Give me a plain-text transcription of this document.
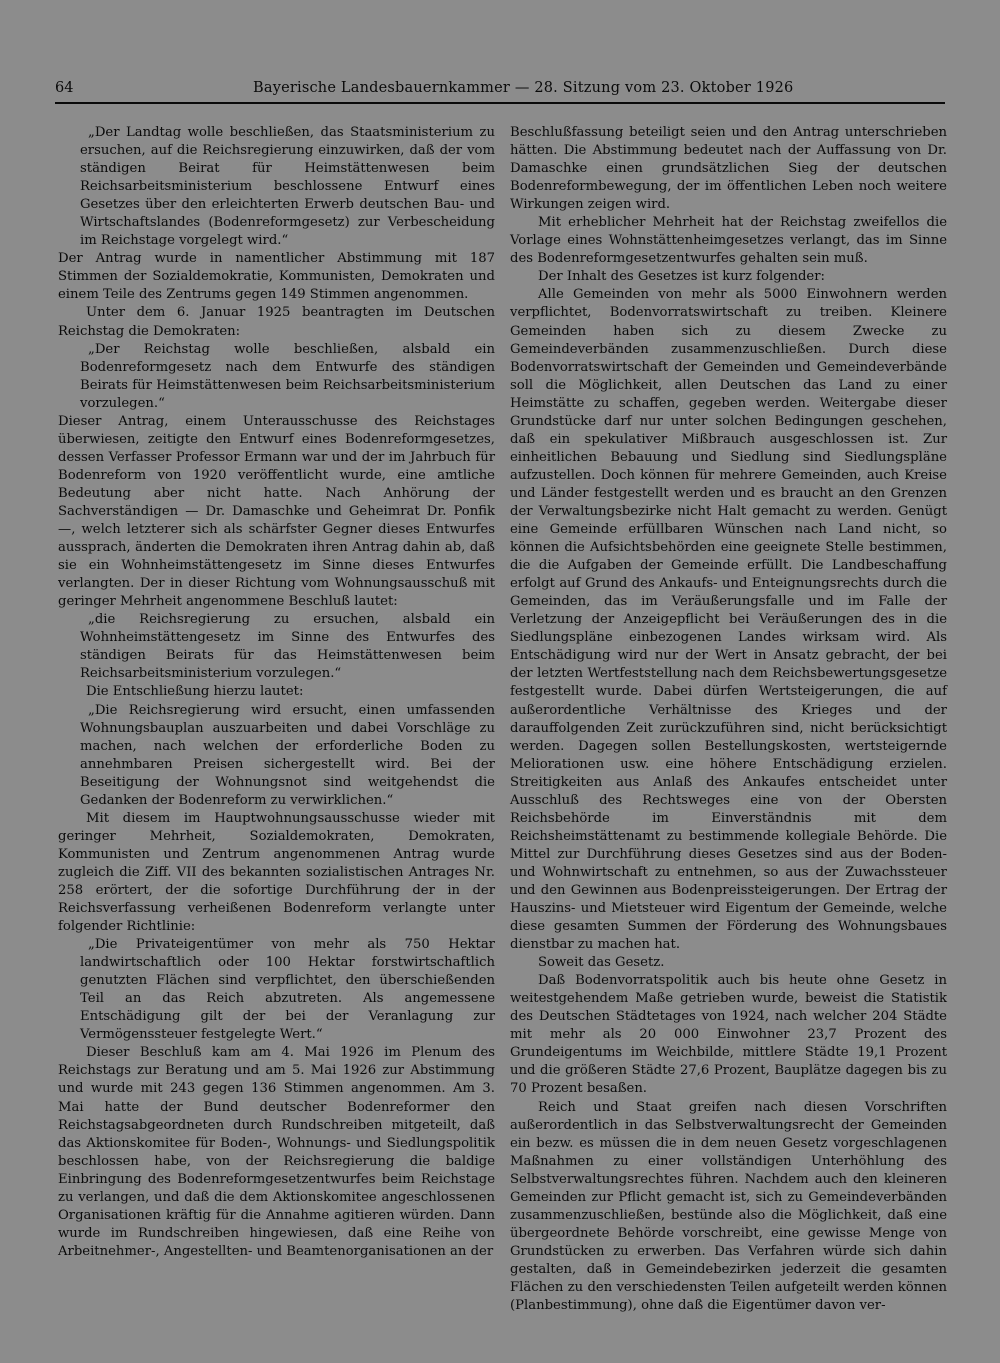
64	Bayerische Landesbauernkammer — 28. Sitzung vom 23. Oktober 1926

„Der Landtag wolle beschließen, das Staatsministerium zu ersuchen, auf die Reichsregierung einzuwirken, daß der vom ständigen Beirat für Heimstättenwesen beim Reichsarbeitsministerium beschlossene Entwurf eines Gesetzes über den erleichterten Erwerb deutschen Bau- und Wirtschaftslandes (Bodenreformgesetz) zur Verbescheidung im Reichstage vorgelegt wird.“

Der Antrag wurde in namentlicher Abstimmung mit 187 Stimmen der Sozialdemokratie, Kommunisten, Demokraten und einem Teile des Zentrums gegen 149 Stimmen angenommen.

Unter dem 6. Januar 1925 beantragten im Deutschen Reichstag die Demokraten:

„Der Reichstag wolle beschließen, alsbald ein Bodenreformgesetz nach dem Entwurfe des ständigen Beirats für Heimstättenwesen beim Reichsarbeitsministerium vorzulegen.“

Dieser Antrag, einem Unterausschusse des Reichstages überwiesen, zeitigte den Entwurf eines Bodenreformgesetzes, dessen Verfasser Professor Ermann war und der im Jahrbuch für Bodenreform von 1920 veröffentlicht wurde, eine amtliche Bedeutung aber nicht hatte. Nach Anhörung der Sachverständigen — Dr. Damaschke und Geheimrat Dr. Ponfik —, welch letzterer sich als schärfster Gegner dieses Entwurfes aussprach, änderten die Demokraten ihren Antrag dahin ab, daß sie ein Wohnheimstättengesetz im Sinne dieses Entwurfes verlangten. Der in dieser Richtung vom Wohnungsausschuß mit geringer Mehrheit angenommene Beschluß lautet:

„die Reichsregierung zu ersuchen, alsbald ein Wohnheimstättengesetz im Sinne des Entwurfes des ständigen Beirats für das Heimstättenwesen beim Reichsarbeitsministerium vorzulegen.“

Die Entschließung hierzu lautet:

„Die Reichsregierung wird ersucht, einen umfassenden Wohnungsbauplan auszuarbeiten und dabei Vorschläge zu machen, nach welchen der erforderliche Boden zu annehmbaren Preisen sichergestellt wird. Bei der Beseitigung der Wohnungsnot sind weitgehendst die Gedanken der Bodenreform zu verwirklichen.“

Mit diesem im Hauptwohnungsausschusse wieder mit geringer Mehrheit, Sozialdemokraten, Demokraten, Kommunisten und Zentrum angenommenen Antrag wurde zugleich die Ziff. VII des bekannten sozialistischen Antrages Nr. 258 erörtert, der die sofortige Durchführung der in der Reichsverfassung verheißenen Bodenreform verlangte unter folgender Richtlinie:

„Die Privateigentümer von mehr als 750 Hektar landwirtschaftlich oder 100 Hektar forstwirtschaftlich genutzten Flächen sind verpflichtet, den überschießenden Teil an das Reich abzutreten. Als angemessene Entschädigung gilt der bei der Veranlagung zur Vermögenssteuer festgelegte Wert.“

Dieser Beschluß kam am 4. Mai 1926 im Plenum des Reichstags zur Beratung und am 5. Mai 1926 zur Abstimmung und wurde mit 243 gegen 136 Stimmen angenommen. Am 3. Mai hatte der Bund deutscher Bodenreformer den Reichstagsabgeordneten durch Rundschreiben mitgeteilt, daß das Aktionskomitee für Boden-, Wohnungs- und Siedlungspolitik beschlossen habe, von der Reichsregierung die baldige Einbringung des Bodenreformgesetzentwurfes beim Reichstage zu verlangen, und daß die dem Aktionskomitee angeschlossenen Organisationen kräftig für die Annahme agitieren würden. Dann wurde im Rundschreiben hingewiesen, daß eine Reihe von Arbeitnehmer-, Angestellten- und Beamtenorganisationen an der

Beschlußfassung beteiligt seien und den Antrag unterschrieben hätten. Die Abstimmung bedeutet nach der Auffassung von Dr. Damaschke einen grundsätzlichen Sieg der deutschen Bodenreformbewegung, der im öffentlichen Leben noch weitere Wirkungen zeigen wird.

Mit erheblicher Mehrheit hat der Reichstag zweifellos die Vorlage eines Wohnstättenheimgesetzes verlangt, das im Sinne des Bodenreformgesetzentwurfes gehalten sein muß.

Der Inhalt des Gesetzes ist kurz folgender:

Alle Gemeinden von mehr als 5000 Einwohnern werden verpflichtet, Bodenvorratswirtschaft zu treiben. Kleinere Gemeinden haben sich zu diesem Zwecke zu Gemeindeverbänden zusammenzuschließen. Durch diese Bodenvorratswirtschaft der Gemeinden und Gemeindeverbände soll die Möglichkeit, allen Deutschen das Land zu einer Heimstätte zu schaffen, gegeben werden. Weitergabe dieser Grundstücke darf nur unter solchen Bedingungen geschehen, daß ein spekulativer Mißbrauch ausgeschlossen ist. Zur einheitlichen Bebauung und Siedlung sind Siedlungspläne aufzustellen. Doch können für mehrere Gemeinden, auch Kreise und Länder festgestellt werden und es braucht an den Grenzen der Verwaltungsbezirke nicht Halt gemacht zu werden. Genügt eine Gemeinde erfüllbaren Wünschen nach Land nicht, so können die Aufsichtsbehörden eine geeignete Stelle bestimmen, die die Aufgaben der Gemeinde erfüllt. Die Landbeschaffung erfolgt auf Grund des Ankaufs- und Enteignungsrechts durch die Gemeinden, das im Veräußerungsfalle und im Falle der Verletzung der Anzeigepflicht bei Veräußerungen des in die Siedlungspläne einbezogenen Landes wirksam wird. Als Entschädigung wird nur der Wert in Ansatz gebracht, der bei der letzten Wertfeststellung nach dem Reichsbewertungsgesetze festgestellt wurde. Dabei dürfen Wertsteigerungen, die auf außerordentliche Verhältnisse des Krieges und der darauffolgenden Zeit zurückzuführen sind, nicht berücksichtigt werden. Dagegen sollen Bestellungskosten, wertsteigernde Meliorationen usw. eine höhere Entschädigung erzielen. Streitigkeiten aus Anlaß des Ankaufes entscheidet unter Ausschluß des Rechtsweges eine von der Obersten Reichsbehörde im Einverständnis mit dem Reichsheimstättenamt zu bestimmende kollegiale Behörde. Die Mittel zur Durchführung dieses Gesetzes sind aus der Boden- und Wohnwirtschaft zu entnehmen, so aus der Zuwachssteuer und den Gewinnen aus Bodenpreissteigerungen. Der Ertrag der Hauszins- und Mietsteuer wird Eigentum der Gemeinde, welche diese gesamten Summen der Förderung des Wohnungsbaues dienstbar zu machen hat.

Soweit das Gesetz.

Daß Bodenvorratspolitik auch bis heute ohne Gesetz in weitestgehendem Maße getrieben wurde, beweist die Statistik des Deutschen Städtetages von 1924, nach welcher 204 Städte mit mehr als 20 000 Einwohner 23,7 Prozent des Grundeigentums im Weichbilde, mittlere Städte 19,1 Prozent und die größeren Städte 27,6 Prozent, Bauplätze dagegen bis zu 70 Prozent besaßen.

Reich und Staat greifen nach diesen Vorschriften außerordentlich in das Selbstverwaltungsrecht der Gemeinden ein bezw. es müssen die in dem neuen Gesetz vorgeschlagenen Maßnahmen zu einer vollständigen Unterhöhlung des Selbstverwaltungsrechtes führen. Nachdem auch den kleineren Gemeinden zur Pflicht gemacht ist, sich zu Gemeindeverbänden zusammenzuschließen, bestünde also die Möglichkeit, daß eine übergeordnete Behörde vorschreibt, eine gewisse Menge von Grundstücken zu erwerben. Das Verfahren würde sich dahin gestalten, daß in Gemeindebezirken jederzeit die gesamten Flächen zu den verschiedensten Teilen aufgeteilt werden können (Planbestimmung), ohne daß die Eigentümer davon ver-
